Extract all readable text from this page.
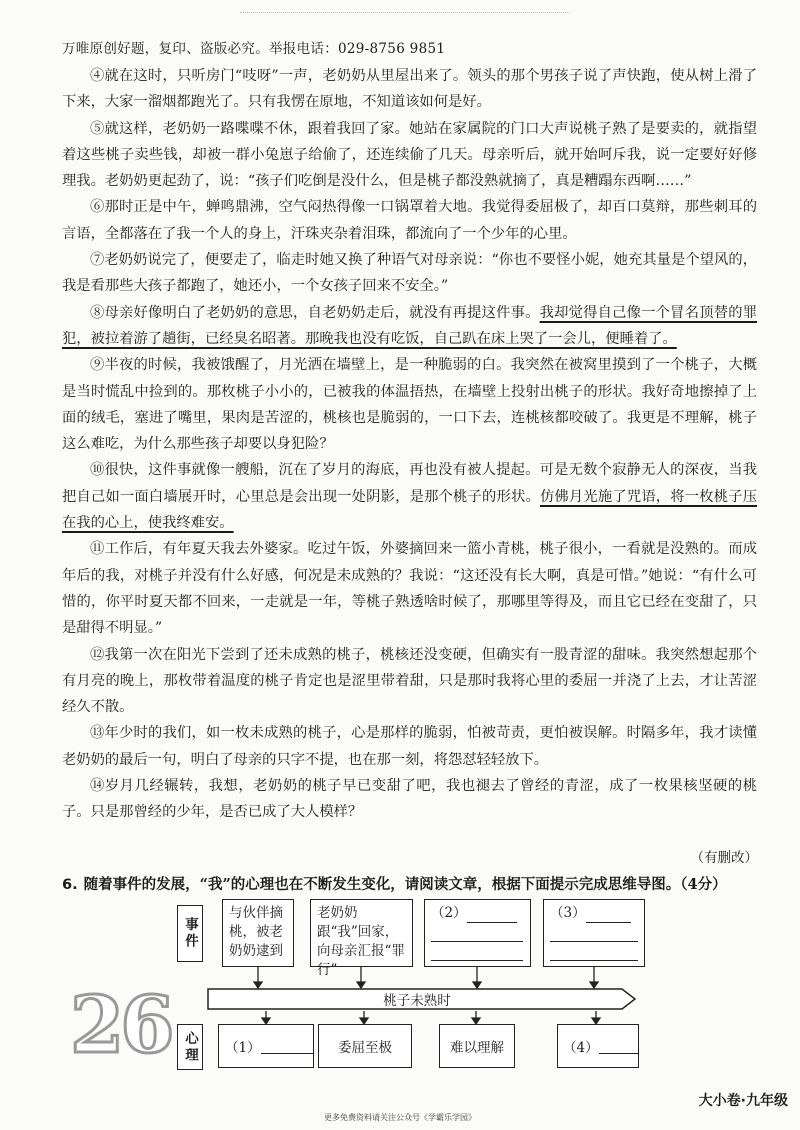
万唯原创好题，复印、盗版必究。举报电话：029-8756 9851

④就在这时，只听房门“吱呀”一声，老奶奶从里屋出来了。领头的那个男孩子说了声快跑，使从树上滑了下来，大家一溜烟都跑光了。只有我愣在原地，不知道该如何是好。

⑤就这样，老奶奶一路喋喋不休，跟着我回了家。她站在家属院的门口大声说桃子熟了是要卖的，就指望着这些桃子卖些钱，却被一群小兔崽子给偷了，还连续偷了几天。母亲听后，就开始呵斥我，说一定要好好修理我。老奶奶更起劲了，说：“孩子们吃倒是没什么，但是桃子都没熟就摘了，真是糟蹋东西啊……”

⑥那时正是中午，蝉鸣鼎沸，空气闷热得像一口锅罩着大地。我觉得委屈极了，却百口莫辩，那些刺耳的言语，全都落在了我一个人的身上，汗珠夹杂着泪珠，都流向了一个少年的心里。

⑦老奶奶说完了，便要走了，临走时她又换了种语气对母亲说：“你也不要怪小妮，她充其量是个望风的，我是看那些大孩子都跑了，她还小，一个女孩子回来不安全。”

⑧母亲好像明白了老奶奶的意思，自老奶奶走后，就没有再提这件事。我却觉得自己像一个冒名顶替的罪犯，被拉着游了趟街，已经臭名昭著。那晚我也没有吃饭，自己趴在床上哭了一会儿，便睡着了。

⑨半夜的时候，我被饿醒了，月光洒在墙壁上，是一种脆弱的白。我突然在被窝里摸到了一个桃子，大概是当时慌乱中捡到的。那枚桃子小小的，已被我的体温捂热，在墙壁上投射出桃子的形状。我好奇地擦掉了上面的绒毛，塞进了嘴里，果肉是苦涩的，桃核也是脆弱的，一口下去，连桃核都咬破了。我更是不理解，桃子这么难吃，为什么那些孩子却要以身犯险？

⑩很快，这件事就像一艘船，沉在了岁月的海底，再也没有被人提起。可是无数个寂静无人的深夜，当我把自己如一面白墙展开时，心里总是会出现一处阴影，是那个桃子的形状。仿佛月光施了咒语，将一枚桃子压在我的心上，使我终难安。

⑪工作后，有年夏天我去外婆家。吃过午饭，外婆摘回来一篮小青桃，桃子很小，一看就是没熟的。而成年后的我，对桃子并没有什么好感，何况是未成熟的？我说：“这还没有长大啊，真是可惜。”她说：“有什么可惜的，你平时夏天都不回来，一走就是一年，等桃子熟透啥时候了，那哪里等得及，而且它已经在变甜了，只是甜得不明显。”

⑫我第一次在阳光下尝到了还未成熟的桃子，桃核还没变硬，但确实有一股青涩的甜味。我突然想起那个有月亮的晚上，那枚带着温度的桃子肯定也是涩里带着甜，只是那时我将心里的委屈一并浇了上去，才让苦涩经久不散。

⑬年少时的我们，如一枚未成熟的桃子，心是那样的脆弱，怕被苛责，更怕被误解。时隔多年，我才读懂老奶奶的最后一句，明白了母亲的只字不提，也在那一刻，将怨怼轻轻放下。

⑭岁月几经辗转，我想，老奶奶的桃子早已变甜了吧，我也褪去了曾经的青涩，成了一枚果核坚硬的桃子。只是那曾经的少年，是否已成了大人模样？

（有删改）
6. 随着事件的发展，“我”的心理也在不断发生变化，请阅读文章，根据下面提示完成思维导图。（4分）
事件
心理
与伙伴摘桃，被老奶奶逮到
老奶奶跟“我”回家，向母亲汇报“罪行”
（2）	（3）

桃子未熟时
（1）	委屈至极	难以理解	（4）
26
大小卷·九年级
更多免费资料请关注公众号《学霸乐学园》
